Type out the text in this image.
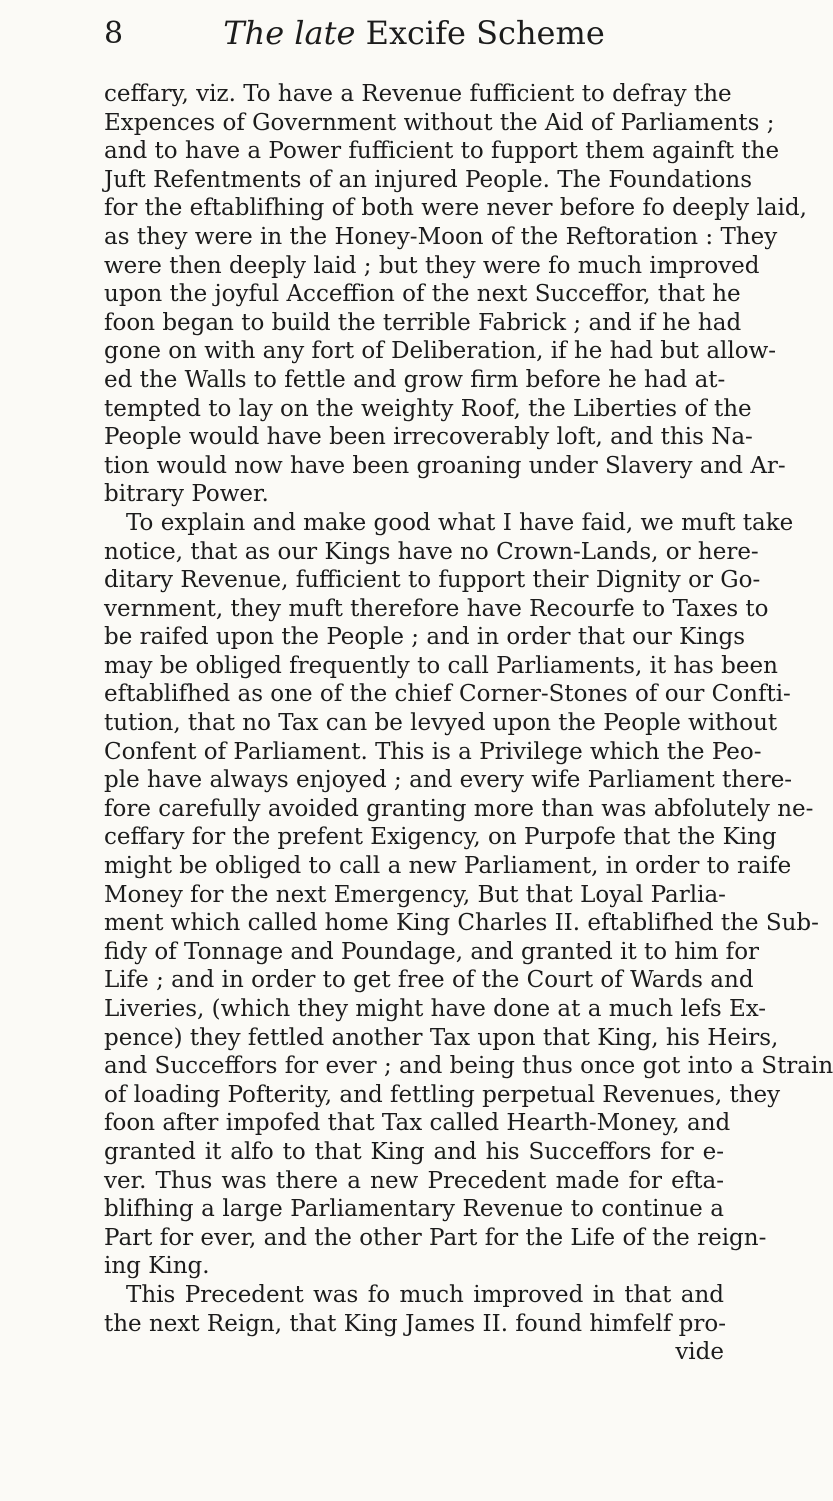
8	The late Excife Scheme
ceffary, viz. To have a Revenue fufficient to defray the
Expences of Government without the Aid of Parliaments ;
and to have a Power fufficient to fupport them againft the
Juft Refentments of an injured People. The Foundations
for the eftablifhing of both were never before fo deeply laid,
as they were in the Honey-Moon of the Reftoration : They
were then deeply laid ; but they were fo much improved
upon the joyful Acceffion of the next Succeffor, that he
foon began to build the terrible Fabrick ; and if he had
gone on with any fort of Deliberation, if he had but allow-
ed the Walls to fettle and grow firm before he had at-
tempted to lay on the weighty Roof, the Liberties of the
People would have been irrecoverably loft, and this Na-
tion would now have been groaning under Slavery and Ar-
bitrary Power.
To explain and make good what I have faid, we muft take
notice, that as our Kings have no Crown-Lands, or here-
ditary Revenue, fufficient to fupport their Dignity or Go-
vernment, they muft therefore have Recourfe to Taxes to
be raifed upon the People ; and in order that our Kings
may be obliged frequently to call Parliaments, it has been
eftablifhed as one of the chief Corner-Stones of our Confti-
tution, that no Tax can be levyed upon the People without
Confent of Parliament. This is a Privilege which the Peo-
ple have always enjoyed ; and every wife Parliament there-
fore carefully avoided granting more than was abfolutely ne-
ceffary for the prefent Exigency, on Purpofe that the King
might be obliged to call a new Parliament, in order to raife
Money for the next Emergency, But that Loyal Parlia-
ment which called home King Charles II. eftablifhed the Sub-
fidy of Tonnage and Poundage, and granted it to him for
Life ; and in order to get free of the Court of Wards and
Liveries, (which they might have done at a much lefs Ex-
pence) they fettled another Tax upon that King, his Heirs,
and Succeffors for ever ; and being thus once got into a Strain
of loading Pofterity, and fettling perpetual Revenues, they
foon after impofed that Tax called Hearth-Money, and
granted it alfo to that King and his Succeffors for e-
ver. Thus was there a new Precedent made for efta-
blifhing a large Parliamentary Revenue to continue a
Part for ever, and the other Part for the Life of the reign-
ing King.
This Precedent was fo much improved in that and
the next Reign, that King James II. found himfelf pro-
vide
